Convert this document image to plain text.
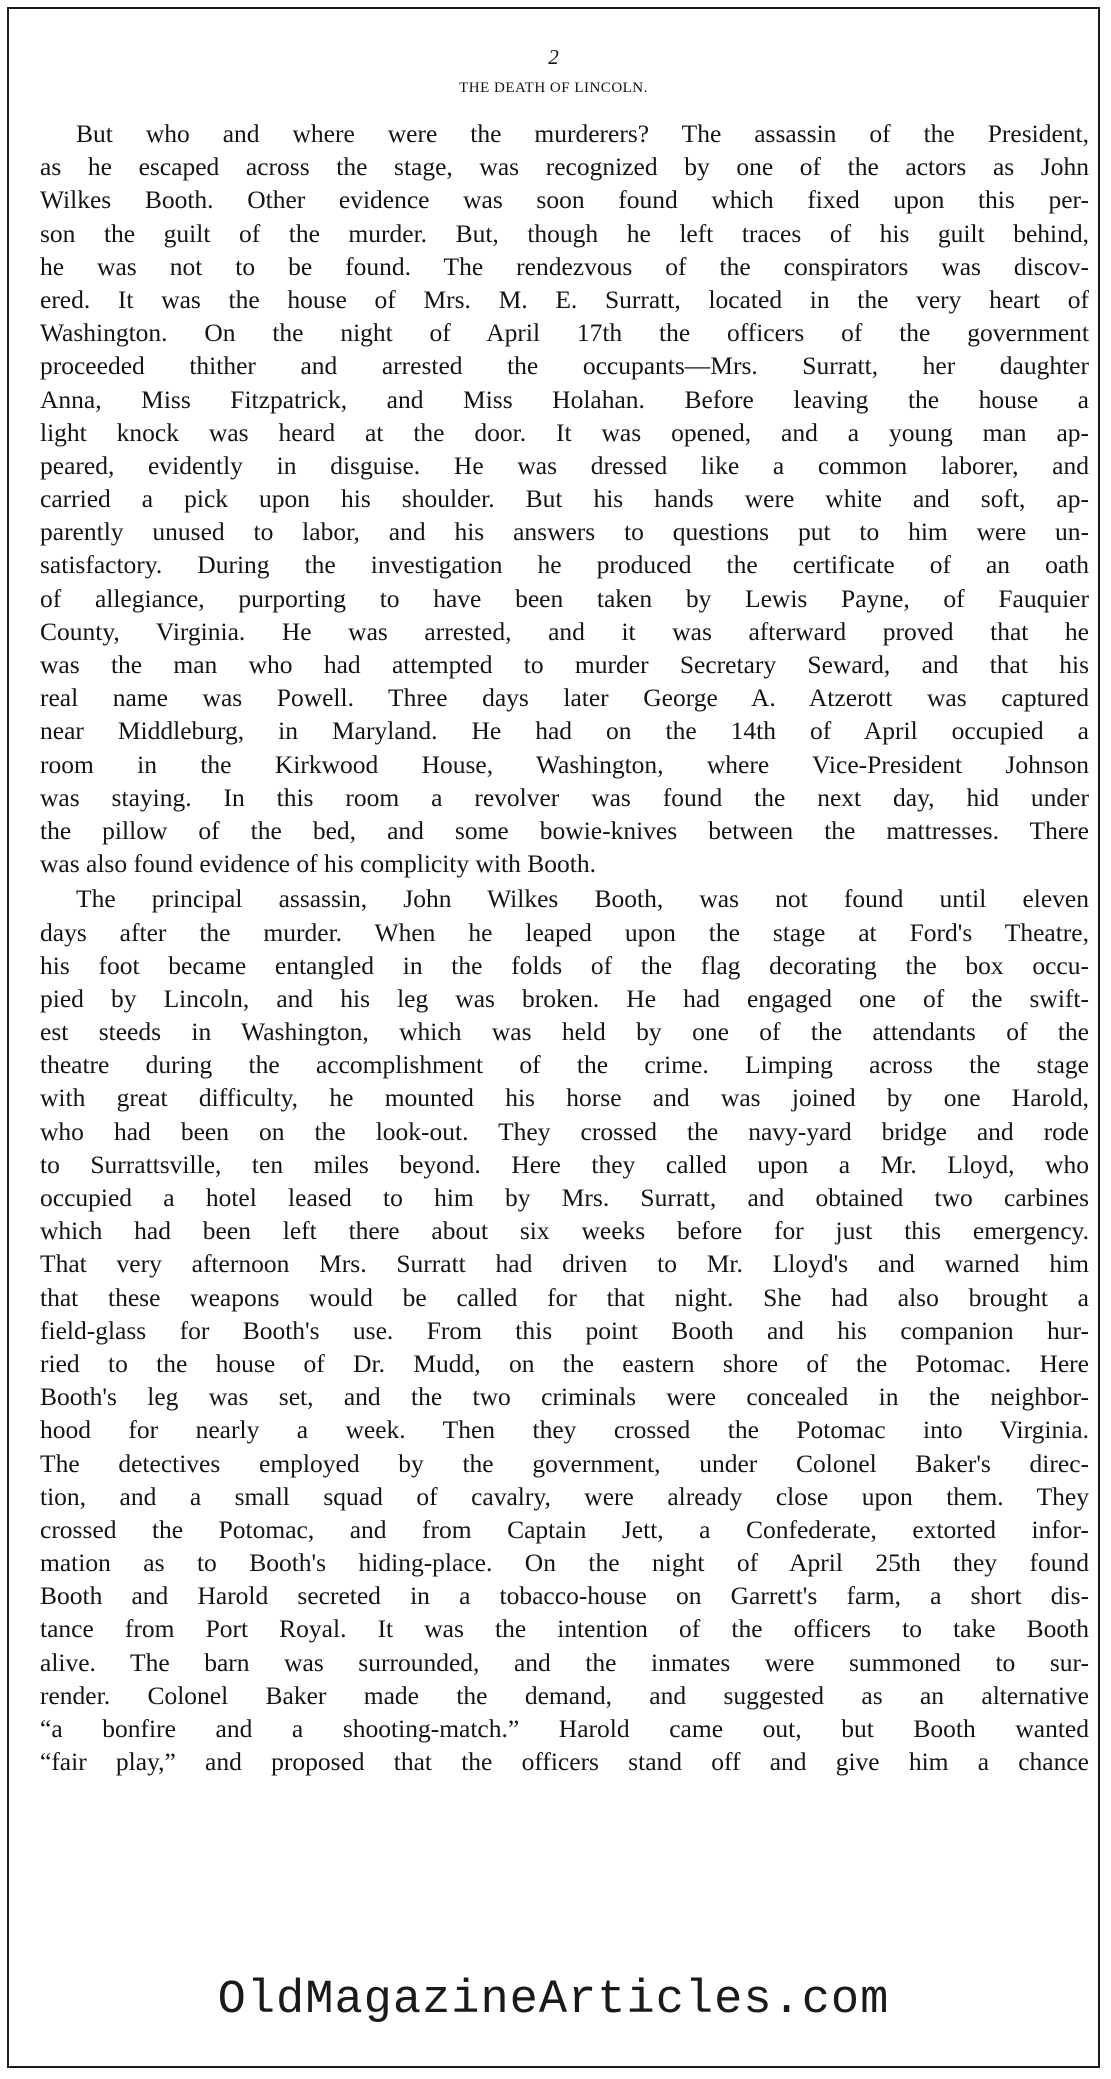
2
THE DEATH OF LINCOLN.
But who and where were the murderers? The assassin of the President,
as he escaped across the stage, was recognized by one of the actors as John
Wilkes Booth. Other evidence was soon found which fixed upon this per-
son the guilt of the murder. But, though he left traces of his guilt behind,
he was not to be found. The rendezvous of the conspirators was discov-
ered. It was the house of Mrs. M. E. Surratt, located in the very heart of
Washington. On the night of April 17th the officers of the government
proceeded thither and arrested the occupants—Mrs. Surratt, her daughter
Anna, Miss Fitzpatrick, and Miss Holahan. Before leaving the house a
light knock was heard at the door. It was opened, and a young man ap-
peared, evidently in disguise. He was dressed like a common laborer, and
carried a pick upon his shoulder. But his hands were white and soft, ap-
parently unused to labor, and his answers to questions put to him were un-
satisfactory. During the investigation he produced the certificate of an oath
of allegiance, purporting to have been taken by Lewis Payne, of Fauquier
County, Virginia. He was arrested, and it was afterward proved that he
was the man who had attempted to murder Secretary Seward, and that his
real name was Powell. Three days later George A. Atzerott was captured
near Middleburg, in Maryland. He had on the 14th of April occupied a
room in the Kirkwood House, Washington, where Vice-President Johnson
was staying. In this room a revolver was found the next day, hid under
the pillow of the bed, and some bowie-knives between the mattresses. There
was also found evidence of his complicity with Booth.
The principal assassin, John Wilkes Booth, was not found until eleven
days after the murder. When he leaped upon the stage at Ford's Theatre,
his foot became entangled in the folds of the flag decorating the box occu-
pied by Lincoln, and his leg was broken. He had engaged one of the swift-
est steeds in Washington, which was held by one of the attendants of the
theatre during the accomplishment of the crime. Limping across the stage
with great difficulty, he mounted his horse and was joined by one Harold,
who had been on the look-out. They crossed the navy-yard bridge and rode
to Surrattsville, ten miles beyond. Here they called upon a Mr. Lloyd, who
occupied a hotel leased to him by Mrs. Surratt, and obtained two carbines
which had been left there about six weeks before for just this emergency.
That very afternoon Mrs. Surratt had driven to Mr. Lloyd's and warned him
that these weapons would be called for that night. She had also brought a
field-glass for Booth's use. From this point Booth and his companion hur-
ried to the house of Dr. Mudd, on the eastern shore of the Potomac. Here
Booth's leg was set, and the two criminals were concealed in the neighbor-
hood for nearly a week. Then they crossed the Potomac into Virginia.
The detectives employed by the government, under Colonel Baker's direc-
tion, and a small squad of cavalry, were already close upon them. They
crossed the Potomac, and from Captain Jett, a Confederate, extorted infor-
mation as to Booth's hiding-place. On the night of April 25th they found
Booth and Harold secreted in a tobacco-house on Garrett's farm, a short dis-
tance from Port Royal. It was the intention of the officers to take Booth
alive. The barn was surrounded, and the inmates were summoned to sur-
render. Colonel Baker made the demand, and suggested as an alternative
“a bonfire and a shooting-match.” Harold came out, but Booth wanted
“fair play,” and proposed that the officers stand off and give him a chance
OldMagazineArticles.com
